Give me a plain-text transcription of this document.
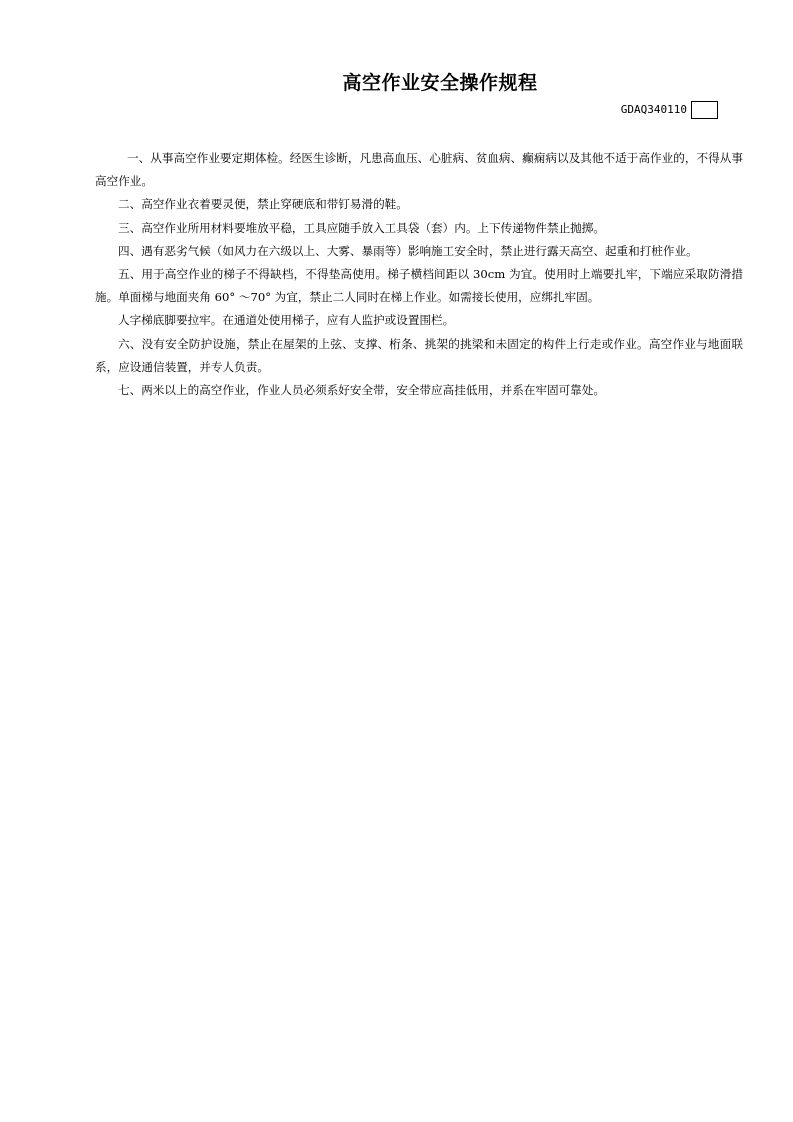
高空作业安全操作规程
GDAQ340110

一、从事高空作业要定期体检。经医生诊断，凡患高血压、心脏病、贫血病、癫痫病以及其他不适于高作业的，不得从事高空作业。

二、高空作业衣着要灵便，禁止穿硬底和带钉易滑的鞋。

三、高空作业所用材料要堆放平稳，工具应随手放入工具袋（套）内。上下传递物件禁止抛掷。

四、遇有恶劣气候（如风力在六级以上、大雾、暴雨等）影响施工安全时，禁止进行露天高空、起重和打桩作业。

五、用于高空作业的梯子不得缺档，不得垫高使用。梯子横档间距以 30cm 为宜。使用时上端要扎牢，下端应采取防滑措施。单面梯与地面夹角 60° ～70° 为宜，禁止二人同时在梯上作业。如需接长使用，应绑扎牢固。

人字梯底脚要拉牢。在通道处使用梯子，应有人监护或设置围栏。

六、没有安全防护设施，禁止在屋架的上弦、支撑、桁条、挑架的挑梁和未固定的构件上行走或作业。高空作业与地面联系，应设通信装置，并专人负责。

七、两米以上的高空作业，作业人员必须系好安全带，安全带应高挂低用，并系在牢固可靠处。
